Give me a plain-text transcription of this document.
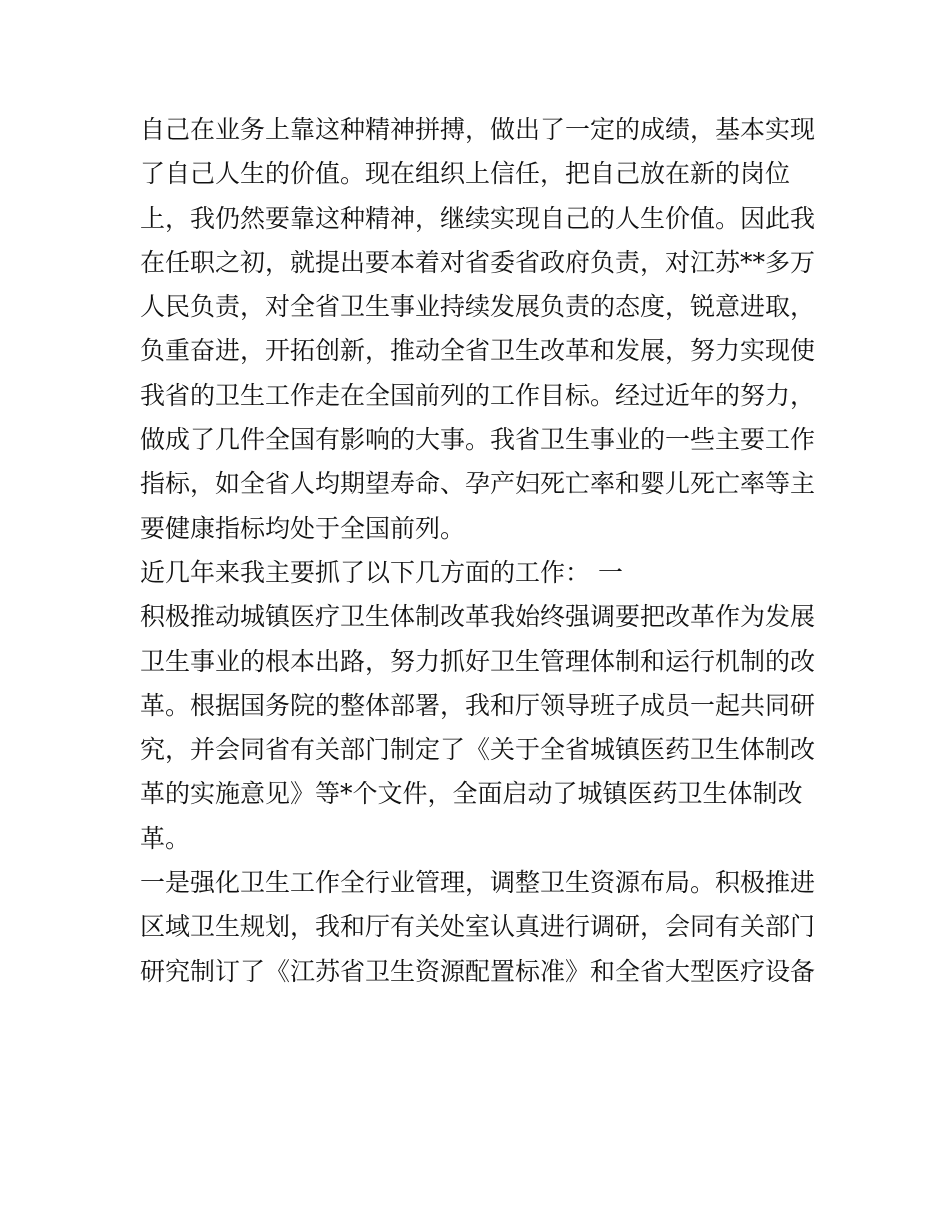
自己在业务上靠这种精神拼搏，做出了一定的成绩，基本实现
了自己人生的价值。现在组织上信任，把自己放在新的岗位
上，我仍然要靠这种精神，继续实现自己的人生价值。因此我
在任职之初，就提出要本着对省委省政府负责，对江苏**多万
人民负责，对全省卫生事业持续发展负责的态度，锐意进取，
负重奋进，开拓创新，推动全省卫生改革和发展，努力实现使
我省的卫生工作走在全国前列的工作目标。经过近年的努力，
做成了几件全国有影响的大事。我省卫生事业的一些主要工作
指标，如全省人均期望寿命、孕产妇死亡率和婴儿死亡率等主
要健康指标均处于全国前列。
近几年来我主要抓了以下几方面的工作： 一
积极推动城镇医疗卫生体制改革我始终强调要把改革作为发展
卫生事业的根本出路，努力抓好卫生管理体制和运行机制的改
革。根据国务院的整体部署，我和厅领导班子成员一起共同研
究，并会同省有关部门制定了《关于全省城镇医药卫生体制改
革的实施意见》等*个文件，全面启动了城镇医药卫生体制改
革。
一是强化卫生工作全行业管理，调整卫生资源布局。积极推进
区域卫生规划，我和厅有关处室认真进行调研，会同有关部门
研究制订了《江苏省卫生资源配置标准》和全省大型医疗设备
